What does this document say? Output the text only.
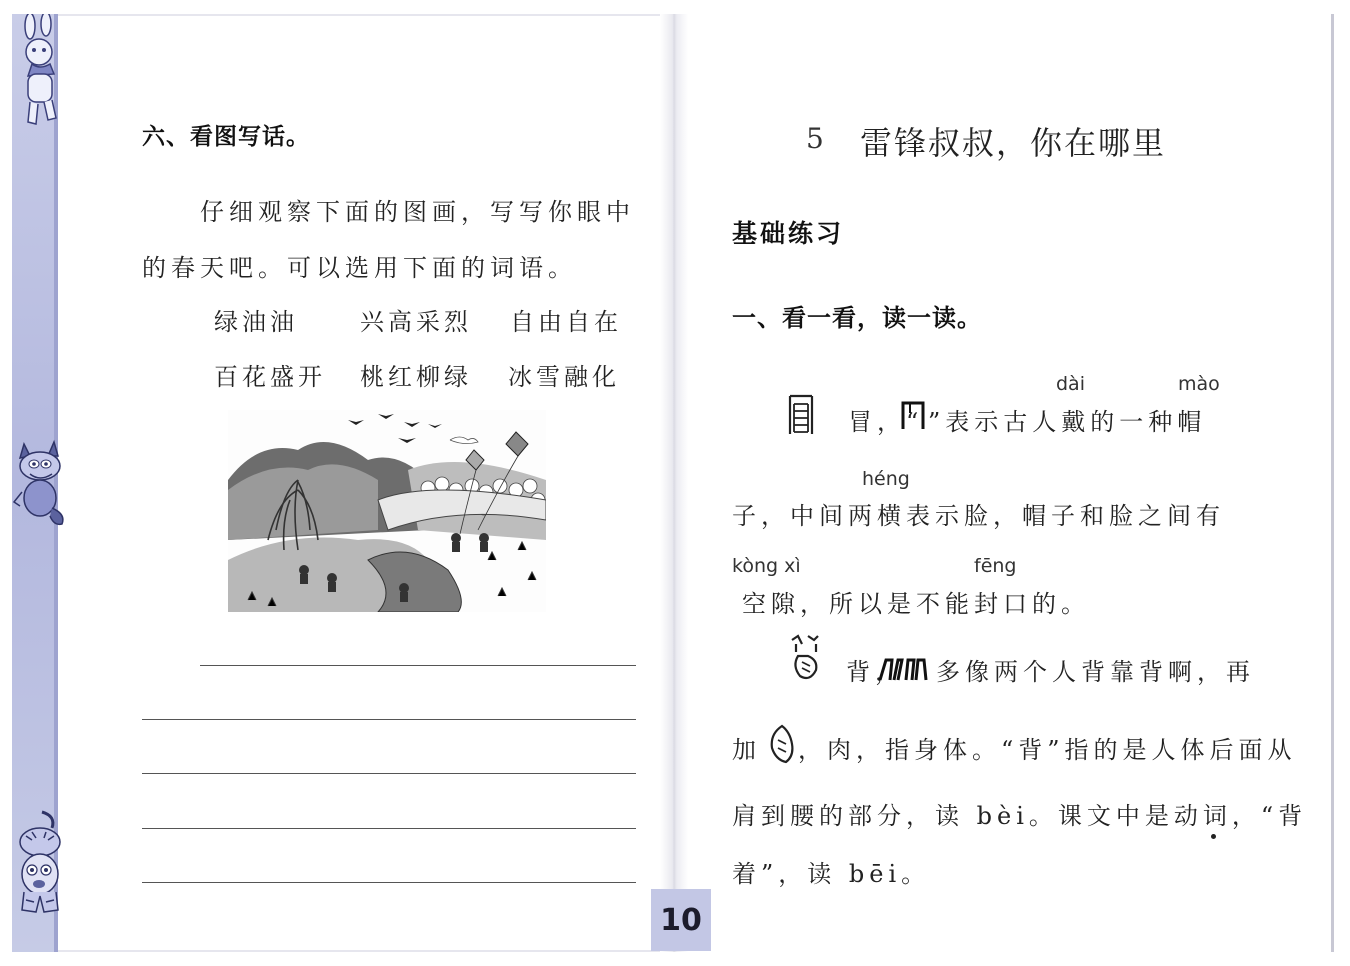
六、看图写话。
仔细观察下面的图画，写写你眼中
的春天吧。可以选用下面的词语。
绿油油	兴高采烈 自由自在
百花盛开 桃红柳绿 冰雪融化
10
5 雷锋叔叔，你在哪里
基础练习
一、看一看，读一读。
dài	mào
冒，“ ”表示古人戴的一种帽
héng
子，中间两横表示脸，帽子和脸之间有
kòng xì	fēng
空隙，所以是不能封口的。
背， 多像两个人背靠背啊，再
加 ，肉，指身体。“背”指的是人体后面从
肩到腰的部分，读 bèi。课文中是动词，“背
着”，读 bēi。
